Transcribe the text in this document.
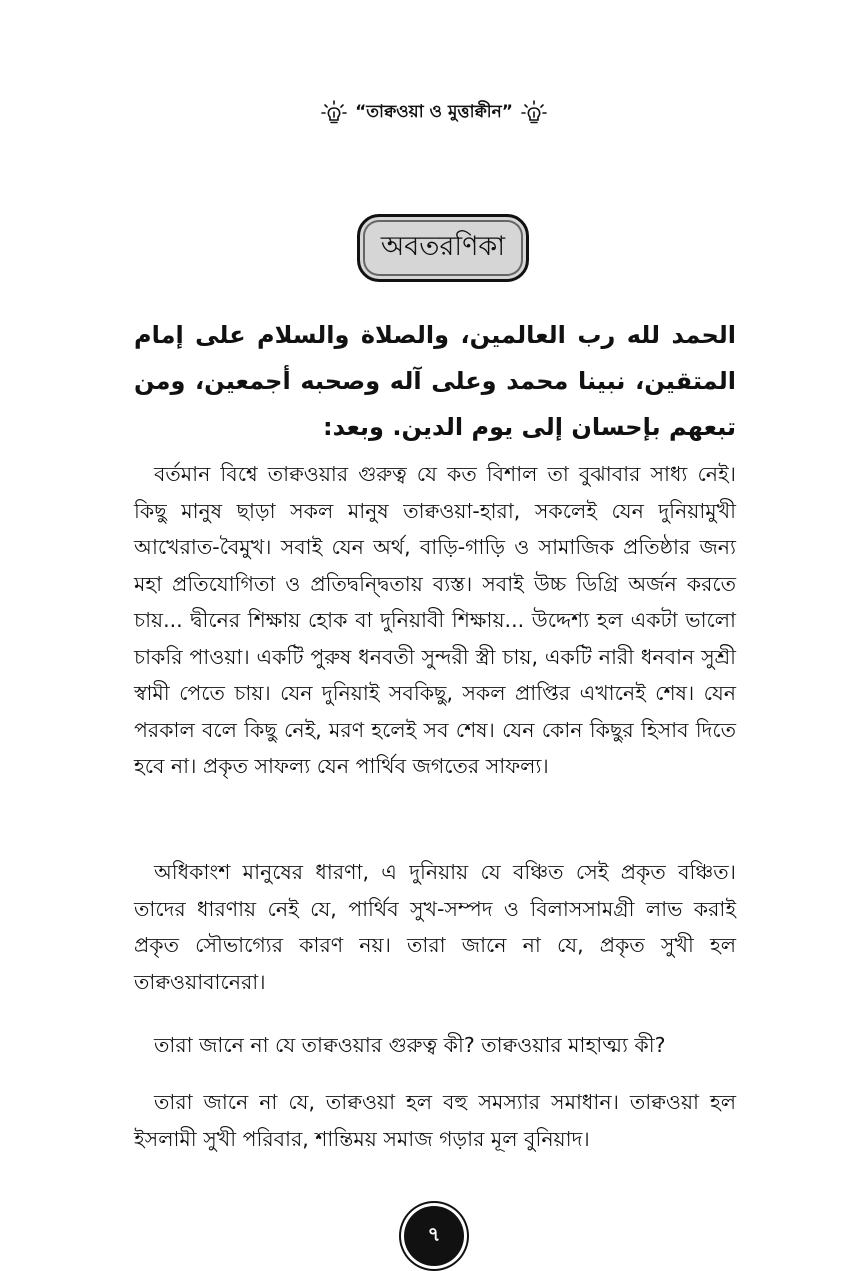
“তাক্বওয়া ও মুত্তাক্বীন”
অবতরণিকা
الحمد لله رب العالمين، والصلاة والسلام على إمام المتقين، نبينا محمد وعلى آله وصحبه أجمعين، ومن تبعهم بإحسان إلى يوم الدين. وبعد:

বর্তমান বিশ্বে তাক্বওয়ার গুরুত্ব যে কত বিশাল তা বুঝাবার সাধ্য নেই। কিছু মানুষ ছাড়া সকল মানুষ তাক্বওয়া-হারা, সকলেই যেন দুনিয়ামুখী আখেরাত-বৈমুখ। সবাই যেন অর্থ, বাড়ি-গাড়ি ও সামাজিক প্রতিষ্ঠার জন্য মহা প্রতিযোগিতা ও প্রতিদ্বন্দ্বিতায় ব্যস্ত। সবাই উচ্চ ডিগ্রি অর্জন করতে চায়... দ্বীনের শিক্ষায় হোক বা দুনিয়াবী শিক্ষায়... উদ্দেশ্য হল একটা ভালো চাকরি পাওয়া। একটি পুরুষ ধনবতী সুন্দরী স্ত্রী চায়, একটি নারী ধনবান সুশ্রী স্বামী পেতে চায়। যেন দুনিয়াই সবকিছু, সকল প্রাপ্তির এখানেই শেষ। যেন পরকাল বলে কিছু নেই, মরণ হলেই সব শেষ। যেন কোন কিছুর হিসাব দিতে হবে না। প্রকৃত সাফল্য যেন পার্থিব জগতের সাফল্য।

অধিকাংশ মানুষের ধারণা, এ দুনিয়ায় যে বঞ্চিত সেই প্রকৃত বঞ্চিত। তাদের ধারণায় নেই যে, পার্থিব সুখ-সম্পদ ও বিলাসসামগ্রী লাভ করাই প্রকৃত সৌভাগ্যের কারণ নয়। তারা জানে না যে, প্রকৃত সুখী হল তাক্বওয়াবানেরা।

তারা জানে না যে তাক্বওয়ার গুরুত্ব কী? তাক্বওয়ার মাহাত্ম্য কী?

তারা জানে না যে, তাক্বওয়া হল বহু সমস্যার সমাধান। তাক্বওয়া হল ইসলামী সুখী পরিবার, শান্তিময় সমাজ গড়ার মূল বুনিয়াদ।

৭
